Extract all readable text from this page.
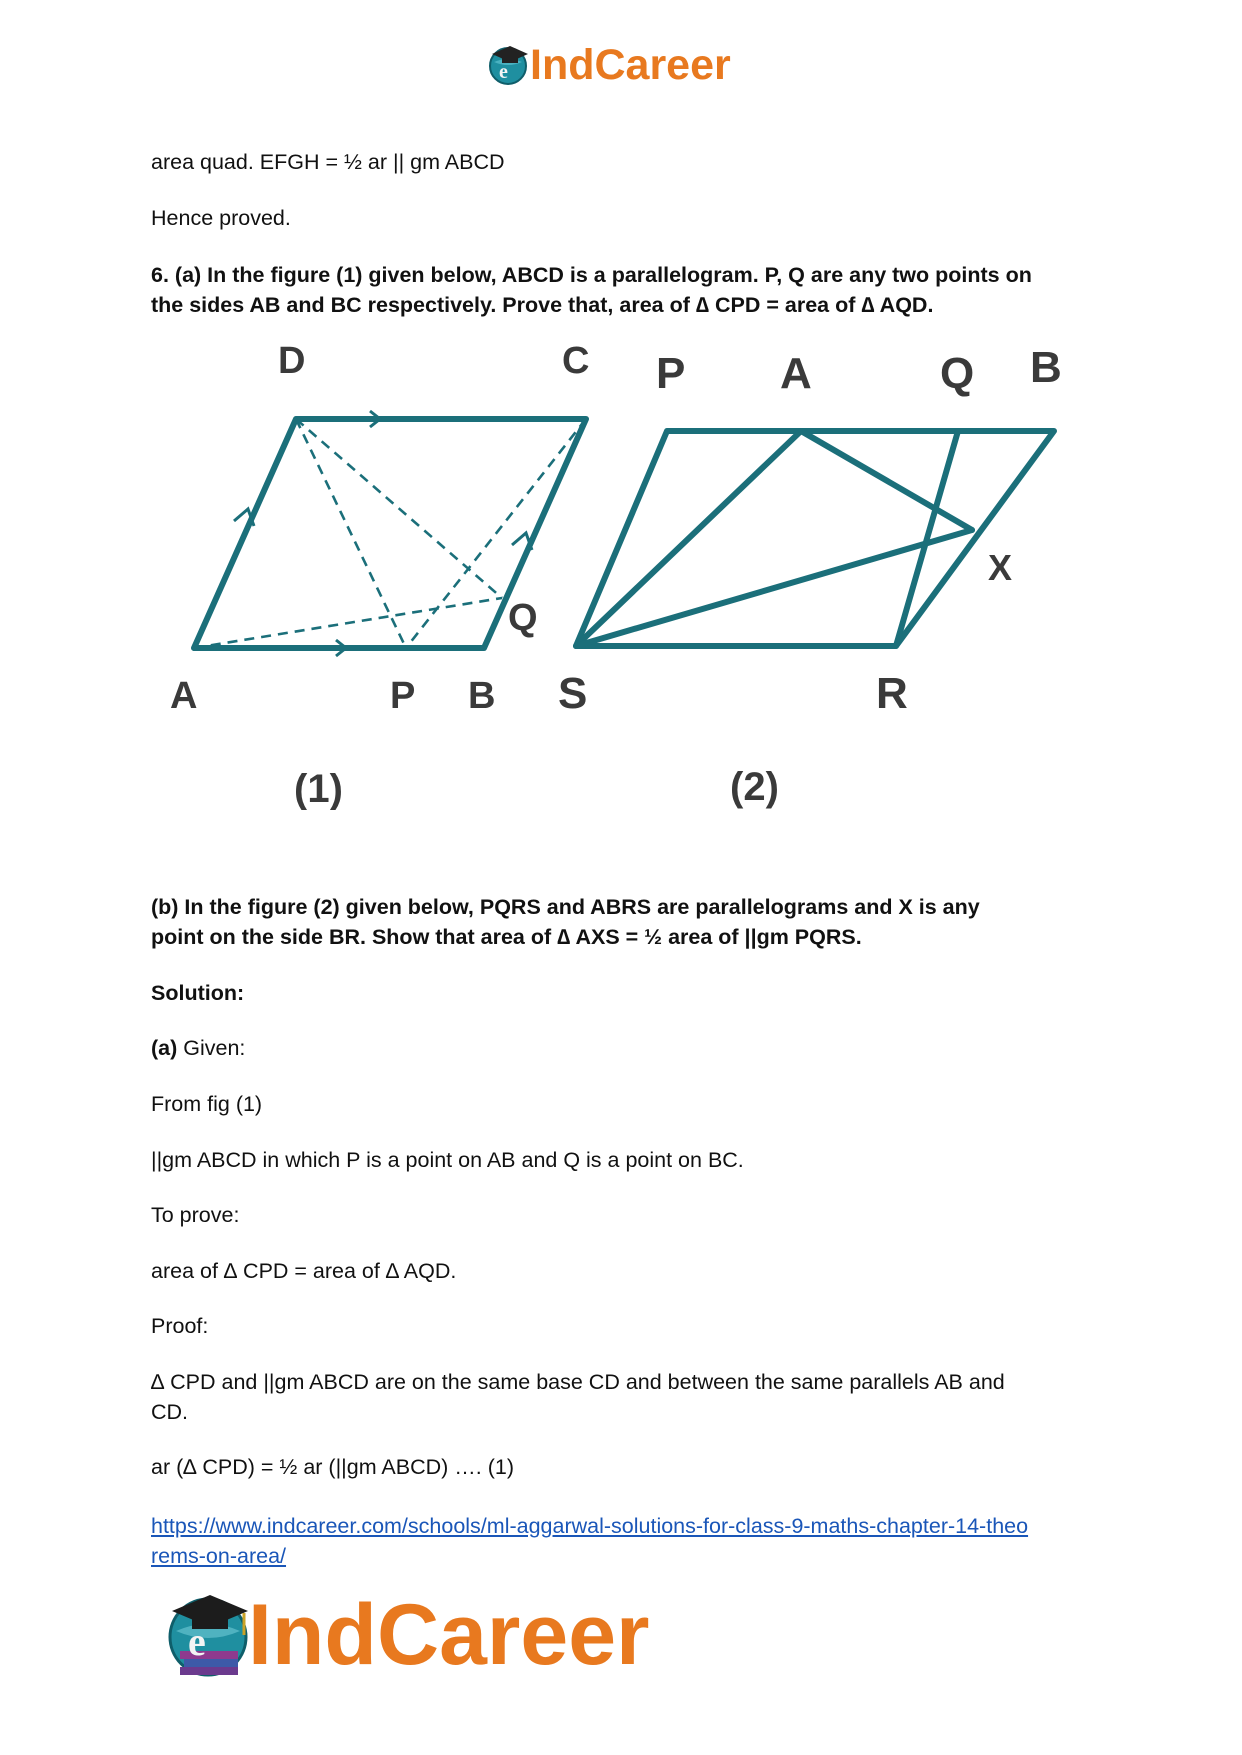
e IndCareer
area quad. EFGH = ½ ar || gm ABCD
Hence proved.
6. (a) In the figure (1) given below, ABCD is a parallelogram. P, Q are any two points on
the sides AB and BC respectively. Prove that, area of ∆ CPD = area of ∆ AQD.
D	C
A	P B
Q
(1)
P A	Q B
X
S	R
(2)
(b) In the figure (2) given below, PQRS and ABRS are parallelograms and X is any
point on the side BR. Show that area of ∆ AXS = ½ area of ||gm PQRS.
Solution:
(a) Given:
From fig (1)
||gm ABCD in which P is a point on AB and Q is a point on BC.
To prove:
area of ∆ CPD = area of ∆ AQD.
Proof:
∆ CPD and ||gm ABCD are on the same base CD and between the same parallels AB and
CD.
ar (∆ CPD) = ½ ar (||gm ABCD) …. (1)
https://www.indcareer.com/schools/ml-aggarwal-solutions-for-class-9-maths-chapter-14-theo
rems-on-area/
e IndCareer
